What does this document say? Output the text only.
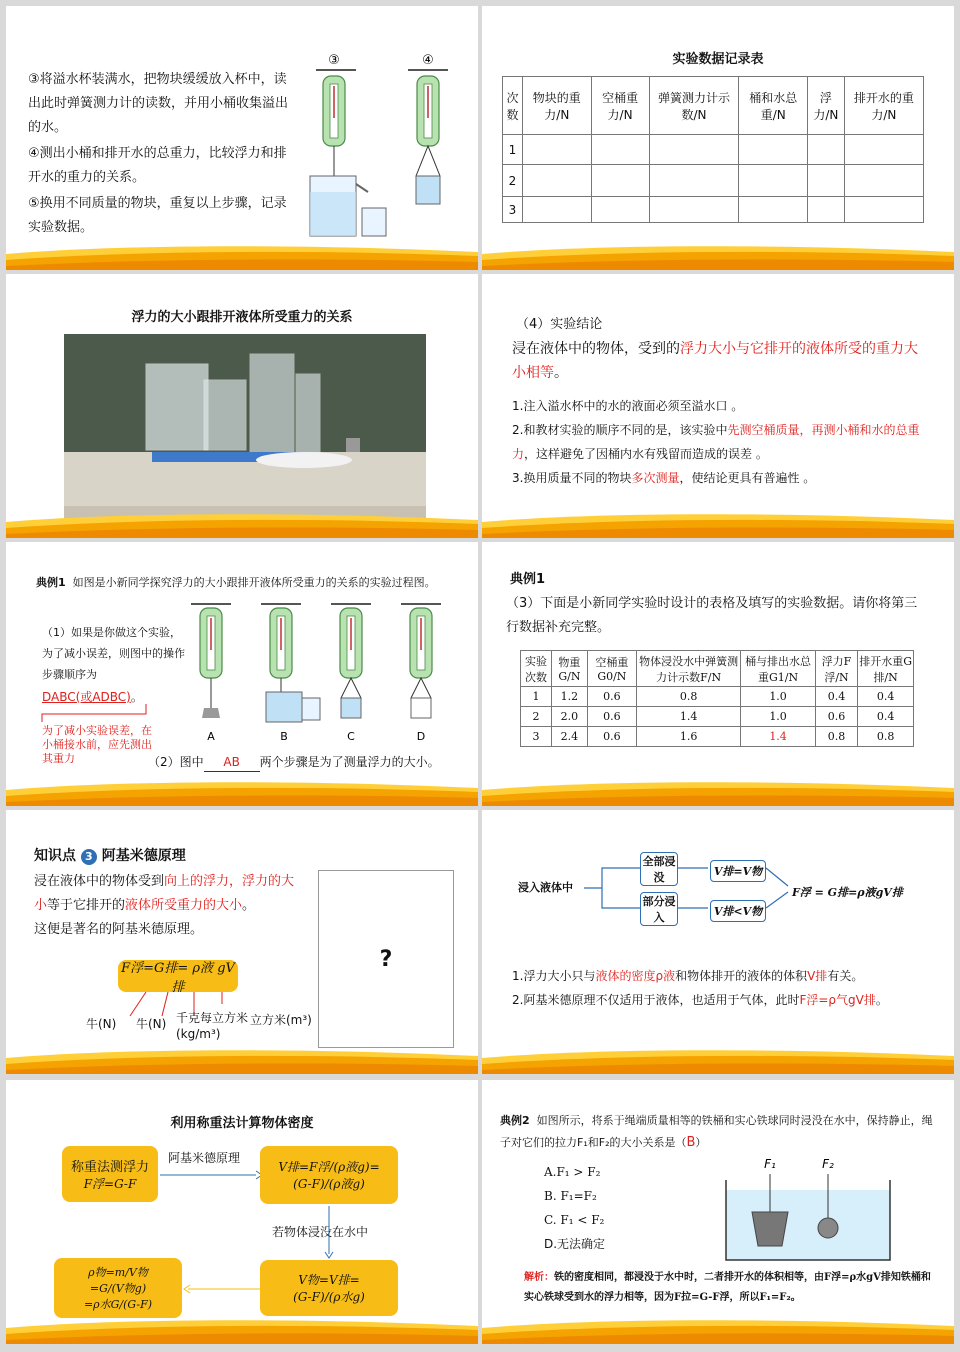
③将溢水杯装满水，把物块缓缓放入杯中，读出此时弹簧测力计的读数，并用小桶收集溢出的水。
④测出小桶和排开水的总重力，比较浮力和排开水的重力的关系。
⑤换用不同质量的物块，重复以上步骤，记录实验数据。
③	④	实验数据记录表
次数	物块的重力/N	空桶重力/N	弹簧测力计示数/N	桶和水总重/N	浮力/N	排开水的重力/N
1						
2						
3						
浮力的大小跟排开液体所受重力的关系	（4）实验结论
浸在液体中的物体，受到的浮力大小与它排开的液体所受的重力大小相等。
1.注入溢水杯中的水的液面必须至溢水口 。
2.和教材实验的顺序不同的是，该实验中先测空桶质量，再测小桶和水的总重力，这样避免了因桶内水有残留而造成的误差 。
3.换用质量不同的物块多次测量，使结论更具有普遍性 。
典例1 如图是小新同学探究浮力的大小跟排开液体所受重力的关系的实验过程图。
（1）如果是你做这个实验，为了减小误差，则图中的操作步骤顺序为
DABC(或ADBC)。
为了减小实验误差，在小桶接水前，应先测出其重力	（2）图中 AB 两个步骤是为了测量浮力的大小。
A	B	C	D
典例1
（3）下面是小新同学实验时设计的表格及填写的实验数据。请你将第三行数据补充完整。
实验次数	物重G/N	空桶重G0/N	物体浸没水中弹簧测力计示数F/N	桶与排出水总重G1/N	浮力F浮/N	排开水重G排/N
1	1.2	0.6	0.8	1.0	0.4	0.4
2	2.0	0.6	1.4	1.0	0.6	0.4
3	2.4	0.6	1.6	1.4	0.8	0.8
知识点 3 阿基米德原理
浸在液体中的物体受到向上的浮力，浮力的大小等于它排开的液体所受重力的大小。
这便是著名的阿基米德原理。
F浮=G排= ρ液 gV排
牛(N) 牛(N) 千克每立方米(kg/m³)
立方米(m³)
?
浸入液体中
全部浸没
部分浸入
V排=V物
V排<V物
F浮 = G排=ρ液gV排
1.浮力大小只与液体的密度ρ液和物体排开的液体的体积V排有关。
2.阿基米德原理不仅适用于液体，也适用于气体，此时F浮=ρ气gV排。
利用称重法计算物体密度
称重法测浮力
F浮=G-F
阿基米德原理
V排=F浮/(ρ液g)=
(G-F)/(ρ液g)
若物体浸没在水中
V物=V排=
(G-F)/(ρ水g)
ρ物=m/V物
=G/(V物g)
=ρ水G/(G-F)
典例2 如图所示，将系于绳端质量相等的铁桶和实心铁球同时浸没在水中，保持静止，绳子对它们的拉力F₁和F₂的大小关系是（B）
A.F₁ > F₂
B. F₁=F₂
C. F₁ < F₂
D.无法确定
F₁	F₂
解析：铁的密度相同，都浸没于水中时，二者排开水的体积相等，由F浮=ρ水gV排知铁桶和实心铁球受到水的浮力相等，因为F拉=G-F浮，所以F₁=F₂。
